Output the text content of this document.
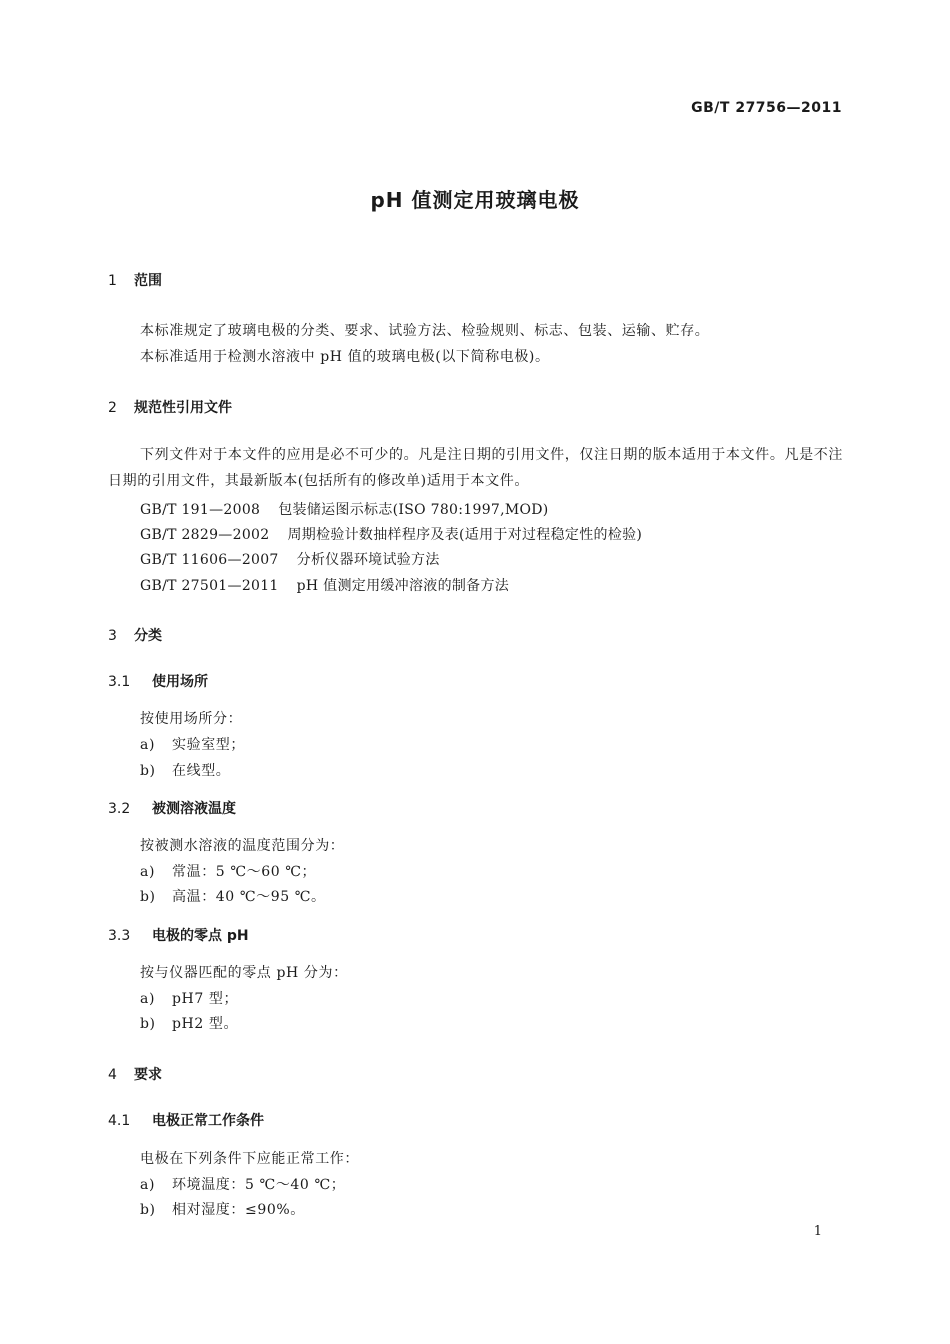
GB/T 27756—2011
pH 值测定用玻璃电极
1 范围
本标准规定了玻璃电极的分类、要求、试验方法、检验规则、标志、包装、运输、贮存。
本标准适用于检测水溶液中 pH 值的玻璃电极(以下简称电极)。
2 规范性引用文件
下列文件对于本文件的应用是必不可少的。凡是注日期的引用文件，仅注日期的版本适用于本文件。凡是不注日期的引用文件，其最新版本(包括所有的修改单)适用于本文件。
GB/T 191—2008 包装储运图示标志(ISO 780:1997,MOD)
GB/T 2829—2002 周期检验计数抽样程序及表(适用于对过程稳定性的检验)
GB/T 11606—2007 分析仪器环境试验方法
GB/T 27501—2011 pH 值测定用缓冲溶液的制备方法
3 分类
3.1 使用场所
按使用场所分：
a) 实验室型；
b) 在线型。
3.2 被测溶液温度
按被测水溶液的温度范围分为：
a) 常温：5 ℃～60 ℃；
b) 高温：40 ℃～95 ℃。
3.3 电极的零点 pH
按与仪器匹配的零点 pH 分为：
a) pH7 型；
b) pH2 型。
4 要求
4.1 电极正常工作条件
电极在下列条件下应能正常工作：
a) 环境温度：5 ℃～40 ℃；
b) 相对湿度：≤90%。
1
